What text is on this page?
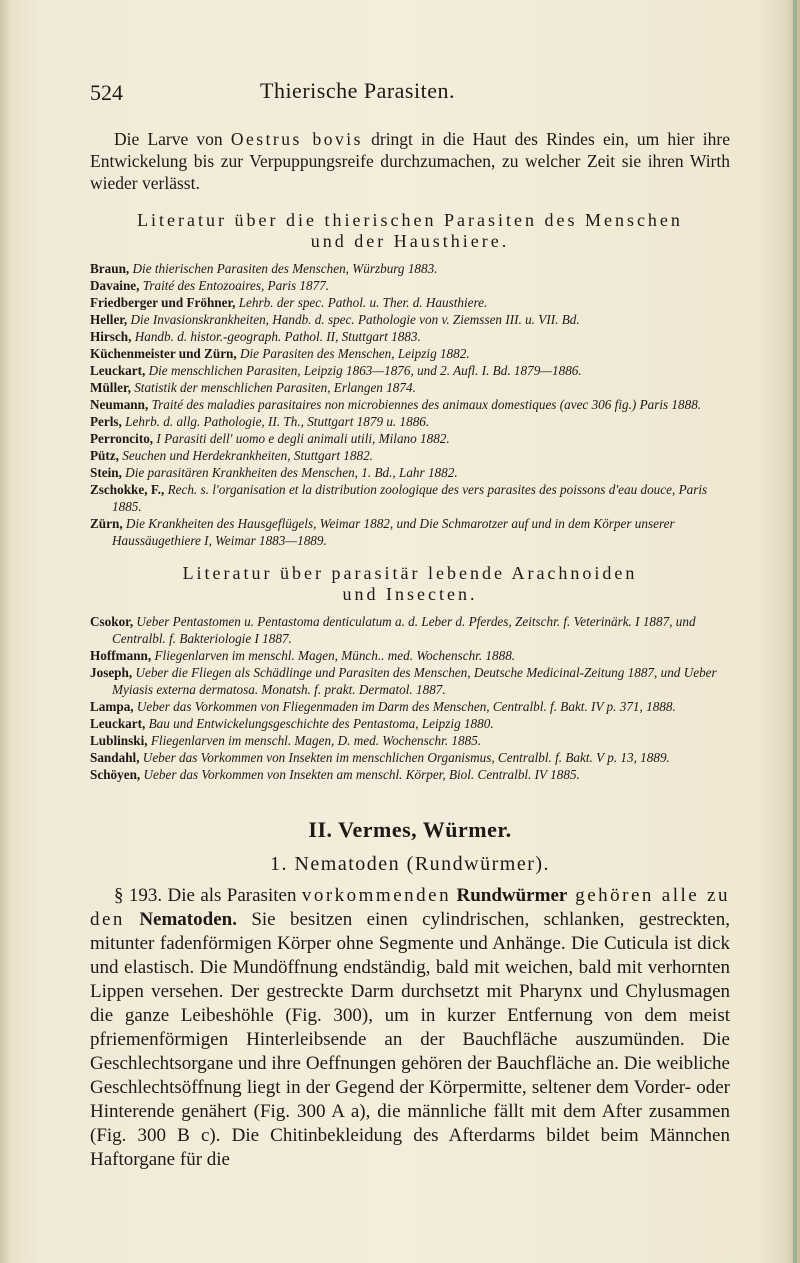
524	Thierische Parasiten.

Die Larve von Oestrus bovis dringt in die Haut des Rindes ein, um hier ihre Entwickelung bis zur Verpuppungsreife durchzumachen, zu welcher Zeit sie ihren Wirth wieder verlässt.

Literatur über die thierischen Parasiten des Menschen

und der Hausthiere.

Braun, Die thierischen Parasiten des Menschen, Würzburg 1883.
Davaine, Traité des Entozoaires, Paris 1877.
Friedberger und Fröhner, Lehrb. der spec. Pathol. u. Ther. d. Hausthiere.
Heller, Die Invasionskrankheiten, Handb. d. spec. Pathologie von v. Ziemssen III. u. VII. Bd.
Hirsch, Handb. d. histor.-geograph. Pathol. II, Stuttgart 1883.
Küchenmeister und Zürn, Die Parasiten des Menschen, Leipzig 1882.
Leuckart, Die menschlichen Parasiten, Leipzig 1863—1876, und 2. Aufl. I. Bd. 1879—1886.
Müller, Statistik der menschlichen Parasiten, Erlangen 1874.
Neumann, Traité des maladies parasitaires non microbiennes des animaux domestiques (avec 306 fig.) Paris 1888.
Perls, Lehrb. d. allg. Pathologie, II. Th., Stuttgart 1879 u. 1886.
Perroncito, I Parasiti dell' uomo e degli animali utili, Milano 1882.
Pütz, Seuchen und Herdekrankheiten, Stuttgart 1882.
Stein, Die parasitären Krankheiten des Menschen, 1. Bd., Lahr 1882.
Zschokke, F., Rech. s. l'organisation et la distribution zoologique des vers parasites des poissons d'eau douce, Paris 1885.
Zürn, Die Krankheiten des Hausgeflügels, Weimar 1882, und Die Schmarotzer auf und in dem Körper unserer Haussäugethiere I, Weimar 1883—1889.

Literatur über parasitär lebende Arachnoiden

und Insecten.

Csokor, Ueber Pentastomen u. Pentastoma denticulatum a. d. Leber d. Pferdes, Zeitschr. f. Veterinärk. I 1887, und Centralbl. f. Bakteriologie I 1887.
Hoffmann, Fliegenlarven im menschl. Magen, Münch.. med. Wochenschr. 1888.
Joseph, Ueber die Fliegen als Schädlinge und Parasiten des Menschen, Deutsche Medicinal-Zeitung 1887, und Ueber Myiasis externa dermatosa. Monatsh. f. prakt. Dermatol. 1887.
Lampa, Ueber das Vorkommen von Fliegenmaden im Darm des Menschen, Centralbl. f. Bakt. IV p. 371, 1888.
Leuckart, Bau und Entwickelungsgeschichte des Pentastoma, Leipzig 1880.
Lublinski, Fliegenlarven im menschl. Magen, D. med. Wochenschr. 1885.
Sandahl, Ueber das Vorkommen von Insekten im menschlichen Organismus, Centralbl. f. Bakt. V p. 13, 1889.
Schöyen, Ueber das Vorkommen von Insekten am menschl. Körper, Biol. Centralbl. IV 1885.

II. Vermes, Würmer.

1. Nematoden (Rundwürmer).

§ 193. Die als Parasiten vorkommenden Rundwürmer gehören alle zu den Nematoden. Sie besitzen einen cylindrischen, schlanken, gestreckten, mitunter fadenförmigen Körper ohne Segmente und Anhänge. Die Cuticula ist dick und elastisch. Die Mundöffnung endständig, bald mit weichen, bald mit verhornten Lippen versehen. Der gestreckte Darm durchsetzt mit Pharynx und Chylusmagen die ganze Leibeshöhle (Fig. 300), um in kurzer Entfernung von dem meist pfriemenförmigen Hinterleibsende an der Bauchfläche auszumünden. Die Geschlechtsorgane und ihre Oeffnungen gehören der Bauchfläche an. Die weibliche Geschlechtsöffnung liegt in der Gegend der Körpermitte, seltener dem Vorder- oder Hinterende genähert (Fig. 300 A a), die männliche fällt mit dem After zusammen (Fig. 300 B c). Die Chitinbekleidung des Afterdarms bildet beim Männchen Haftorgane für die
